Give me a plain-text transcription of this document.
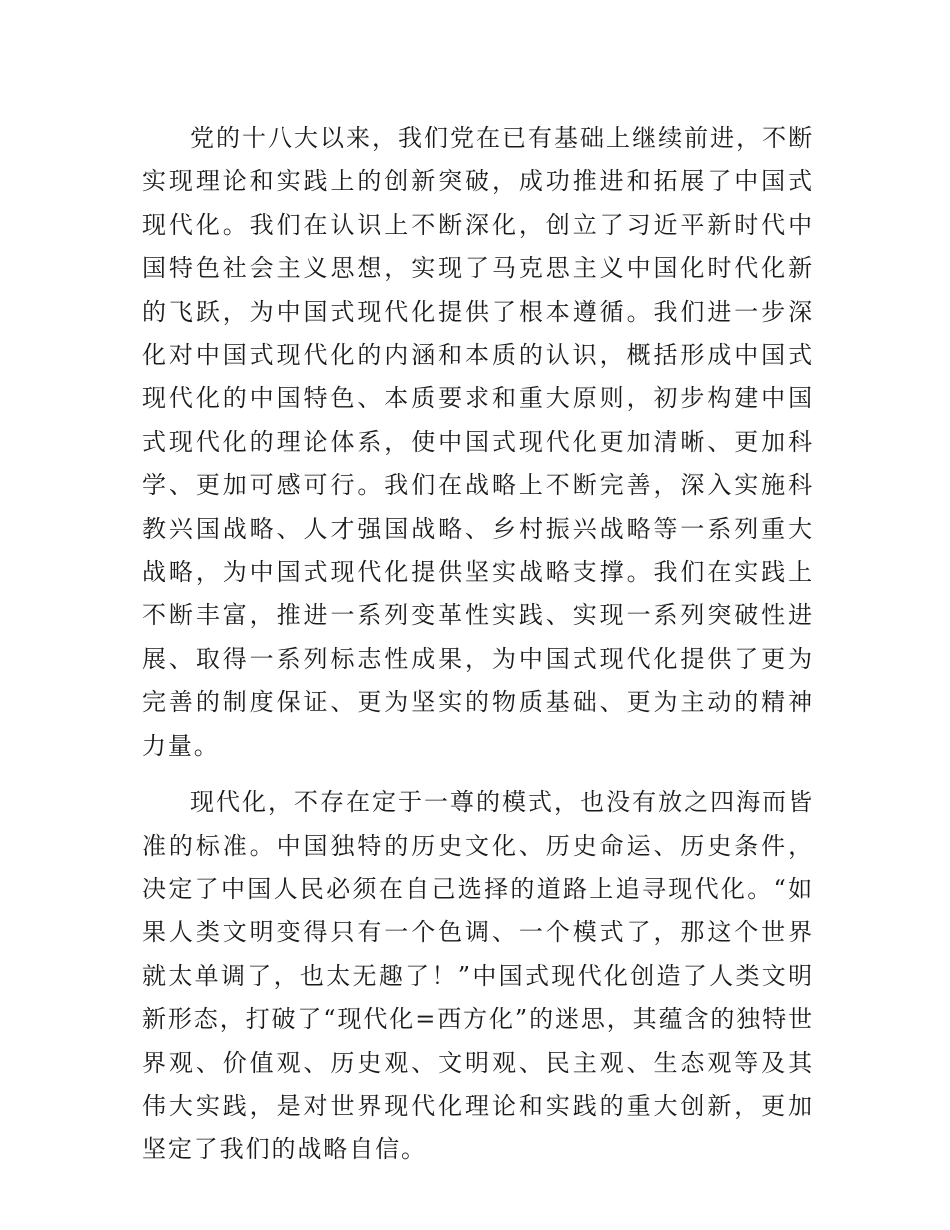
党的十八大以来，我们党在已有基础上继续前进，不断实现理论和实践上的创新突破，成功推进和拓展了中国式现代化。我们在认识上不断深化，创立了习近平新时代中国特色社会主义思想，实现了马克思主义中国化时代化新的飞跃，为中国式现代化提供了根本遵循。我们进一步深化对中国式现代化的内涵和本质的认识，概括形成中国式现代化的中国特色、本质要求和重大原则，初步构建中国式现代化的理论体系，使中国式现代化更加清晰、更加科学、更加可感可行。我们在战略上不断完善，深入实施科教兴国战略、人才强国战略、乡村振兴战略等一系列重大战略，为中国式现代化提供坚实战略支撑。我们在实践上不断丰富，推进一系列变革性实践、实现一系列突破性进展、取得一系列标志性成果，为中国式现代化提供了更为完善的制度保证、更为坚实的物质基础、更为主动的精神力量。

现代化，不存在定于一尊的模式，也没有放之四海而皆准的标准。中国独特的历史文化、历史命运、历史条件，决定了中国人民必须在自己选择的道路上追寻现代化。“如果人类文明变得只有一个色调、一个模式了，那这个世界就太单调了，也太无趣了！”中国式现代化创造了人类文明新形态，打破了“现代化=西方化”的迷思，其蕴含的独特世界观、价值观、历史观、文明观、民主观、生态观等及其伟大实践，是对世界现代化理论和实践的重大创新，更加坚定了我们的战略自信。
